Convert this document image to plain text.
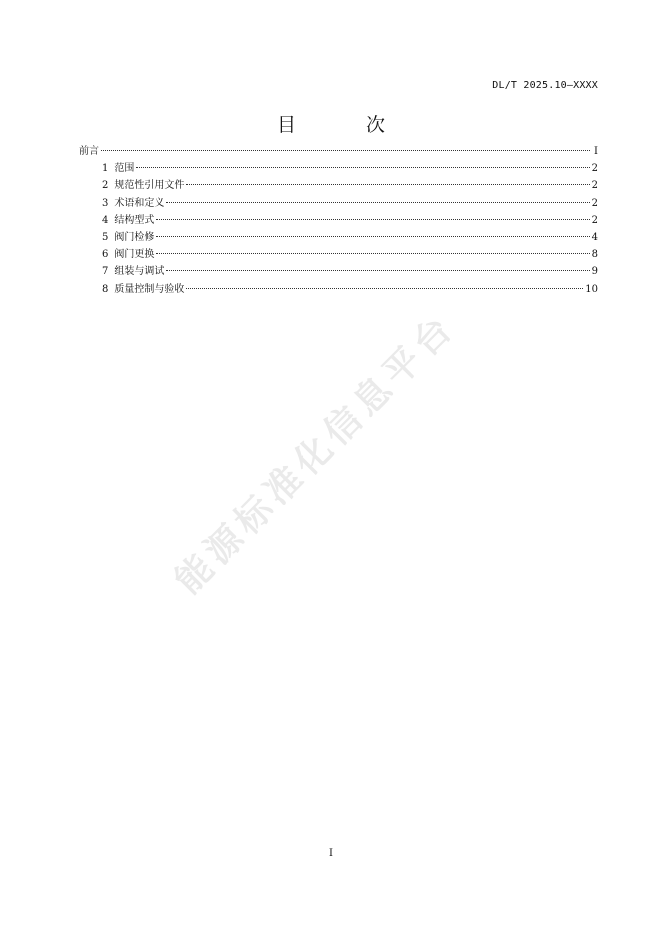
DL/T 2025.10—XXXX
目 次
前言	I
1 范围	2
2 规范性引用文件	2
3 术语和定义	2
4 结构型式	2
5 阀门检修	4
6 阀门更换	8
7 组装与调试	9
8 质量控制与验收	10
能源标准化信息平台
I
